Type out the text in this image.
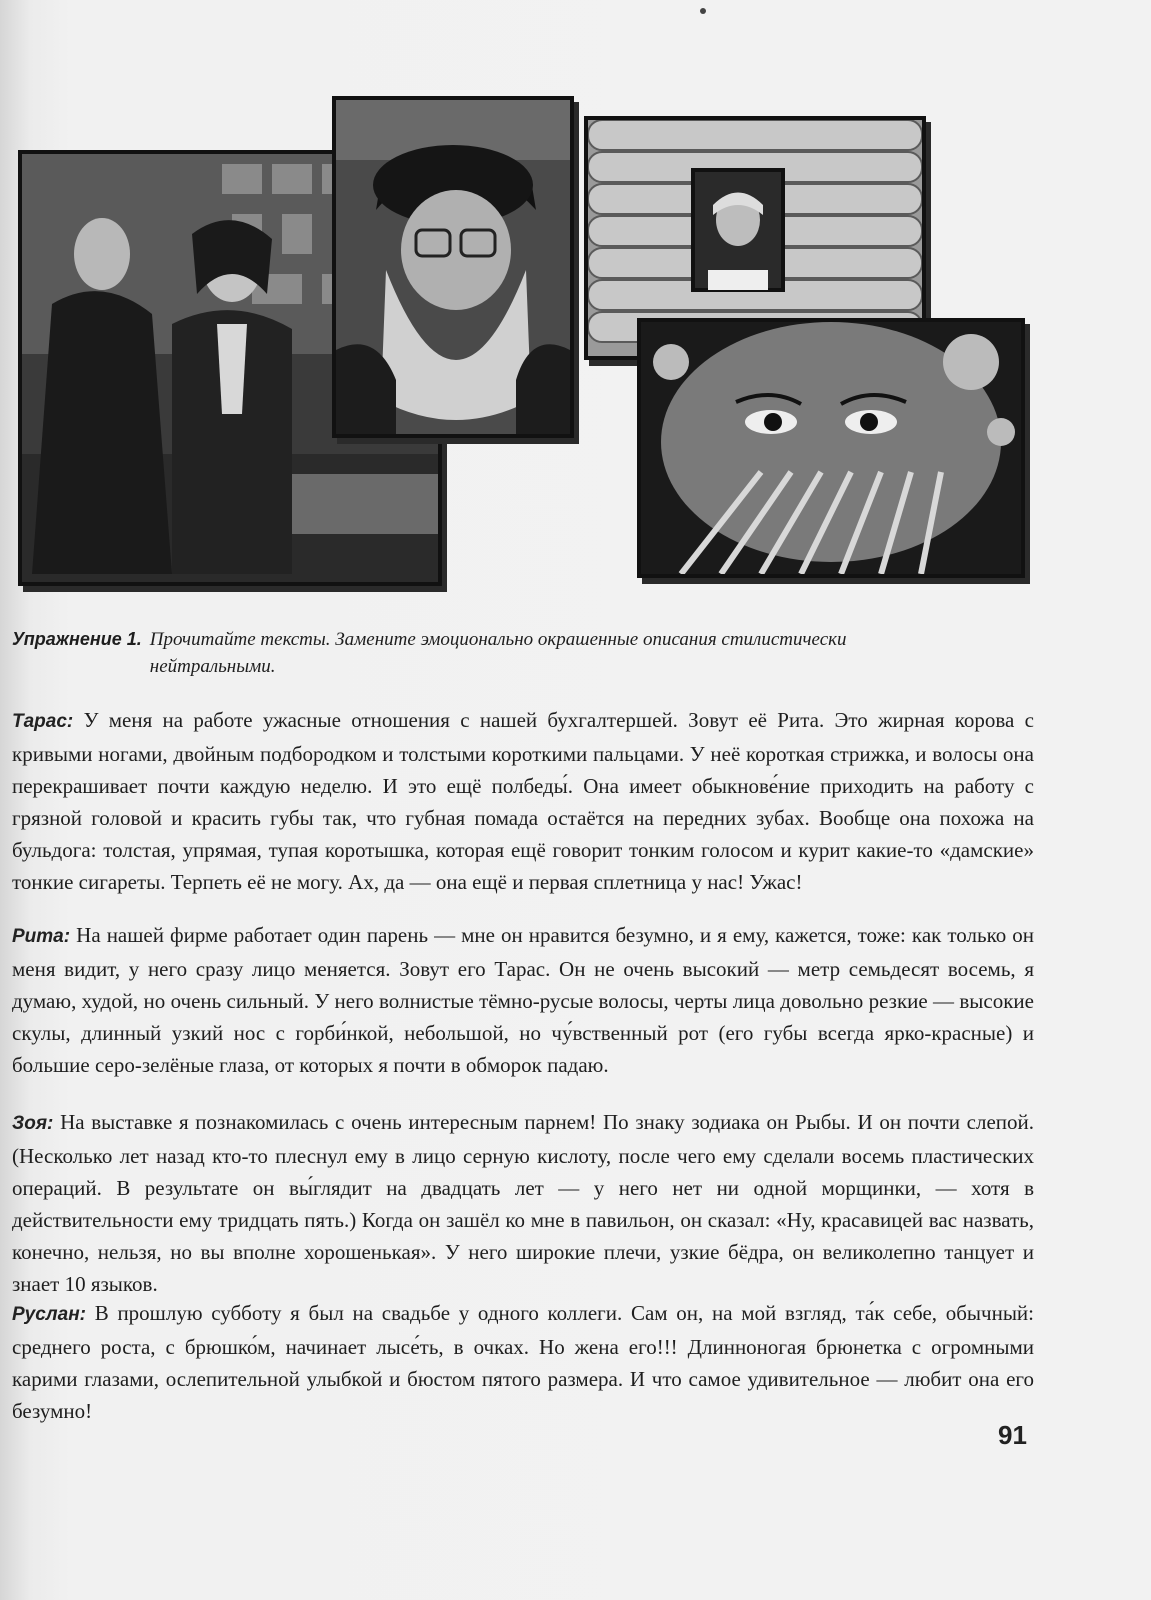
Упражнение 1. Прочитайте тексты. Замените эмоционально окрашенные описания стилистически
нейтральными.
Тарас: У меня на работе ужасные отношения с нашей бухгалтершей. Зовут её Рита. Это жирная корова с кривыми ногами, двойным подбородком и толстыми короткими пальцами. У неё короткая стрижка, и волосы она перекрашивает почти каждую неделю. И это ещё полбеды́. Она имеет обыкнове́ние приходить на работу с грязной головой и красить губы так, что губная помада остаётся на передних зубах. Вообще она похожа на бульдога: толстая, упрямая, тупая коротышка, которая ещё говорит тонким голосом и курит какие-то «дамские» тонкие сигареты. Терпеть её не могу. Ах, да — она ещё и первая сплетница у нас! Ужас!
Рита: На нашей фирме работает один парень — мне он нравится безумно, и я ему, кажется, тоже: как только он меня видит, у него сразу лицо меняется. Зовут его Тарас. Он не очень высокий — метр семьдесят восемь, я думаю, худой, но очень сильный. У него волнистые тёмно-русые волосы, черты лица довольно резкие — высокие скулы, длинный узкий нос с горби́нкой, небольшой, но чу́вственный рот (его губы всегда ярко-красные) и большие серо-зелёные глаза, от которых я почти в обморок падаю.
Зоя: На выставке я познакомилась с очень интересным парнем! По знаку зодиака он Рыбы. И он почти слепой. (Несколько лет назад кто-то плеснул ему в лицо серную кислоту, после чего ему сделали восемь пластических операций. В результате он вы́глядит на двадцать лет — у него нет ни одной морщинки, — хотя в действительности ему тридцать пять.) Когда он зашёл ко мне в павильон, он сказал: «Ну, красавицей вас назвать, конечно, нельзя, но вы вполне хорошенькая». У него широкие плечи, узкие бёдра, он великолепно танцует и знает 10 языков.
Руслан: В прошлую субботу я был на свадьбе у одного коллеги. Сам он, на мой взгляд, та́к себе, обычный: среднего роста, с брюшко́м, начинает лысе́ть, в очках. Но жена его!!! Длинноногая брюнетка с огромными карими глазами, ослепительной улыбкой и бюстом пятого размера. И что самое удивительное — любит она его безумно!
91
